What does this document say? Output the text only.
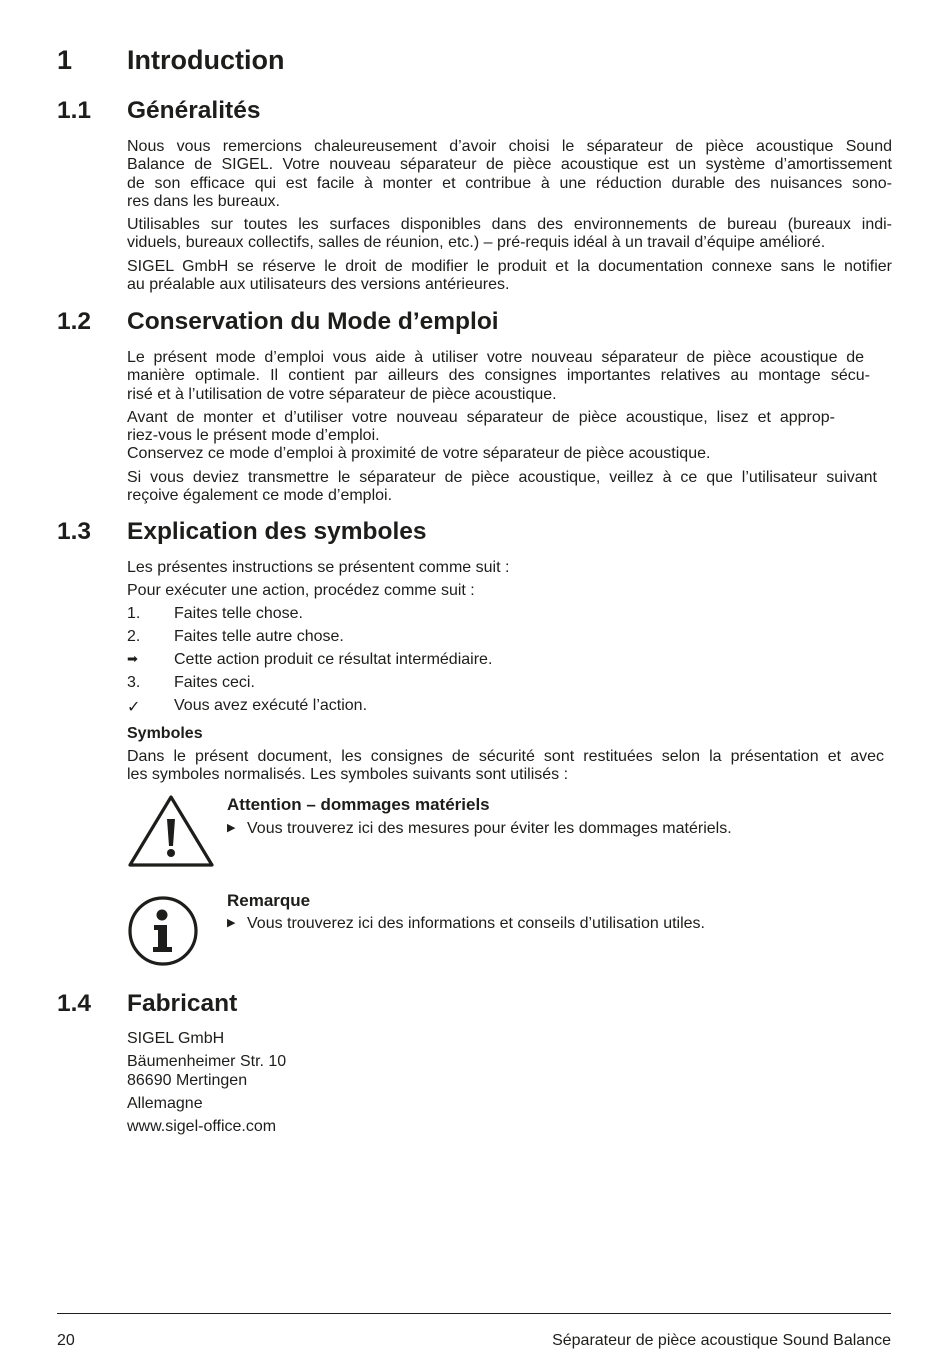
1	Introduction
1.1	Généralités
Nous vous remercions chaleureusement d’avoir choisi le séparateur de pièce acoustique Sound
Balance de SIGEL. Votre nouveau séparateur de pièce acoustique est un système d’amortissement
de son efficace qui est facile à monter et contribue à une réduction durable des nuisances sono-
res dans les bureaux.
Utilisables sur toutes les surfaces disponibles dans des environnements de bureau (bureaux indi-
viduels, bureaux collectifs, salles de réunion, etc.) – pré-requis idéal à un travail d’équipe amélioré.
SIGEL GmbH se réserve le droit de modifier le produit et la documentation connexe sans le notifier
au préalable aux utilisateurs des versions antérieures.
1.2	Conservation du Mode d’emploi
Le présent mode d’emploi vous aide à utiliser votre nouveau séparateur de pièce acoustique de
manière optimale. Il contient par ailleurs des consignes importantes relatives au montage sécu-
risé et à l’utilisation de votre séparateur de pièce acoustique.
Avant de monter et d’utiliser votre nouveau séparateur de pièce acoustique, lisez et approp-
riez-vous le présent mode d’emploi.
Conservez ce mode d’emploi à proximité de votre séparateur de pièce acoustique.
Si vous deviez transmettre le séparateur de pièce acoustique, veillez à ce que l’utilisateur suivant
reçoive également ce mode d’emploi.
1.3	Explication des symboles
Les présentes instructions se présentent comme suit :
Pour exécuter une action, procédez comme suit :
1.	Faites telle chose.
2.	Faites telle autre chose.
➡	Cette action produit ce résultat intermédiaire.
3.	Faites ceci.
✓	Vous avez exécuté l’action.
Symboles
Dans le présent document, les consignes de sécurité sont restituées selon la présentation et avec
les symboles normalisés. Les symboles suivants sont utilisés :
Attention – dommages matériels
▶ Vous trouverez ici des mesures pour éviter les dommages matériels.
Remarque
▶ Vous trouverez ici des informations et conseils d’utilisation utiles.
1.4	Fabricant
SIGEL GmbH
Bäumenheimer Str. 10
86690 Mertingen
Allemagne
www.sigel-office.com
20	Séparateur de pièce acoustique Sound Balance
